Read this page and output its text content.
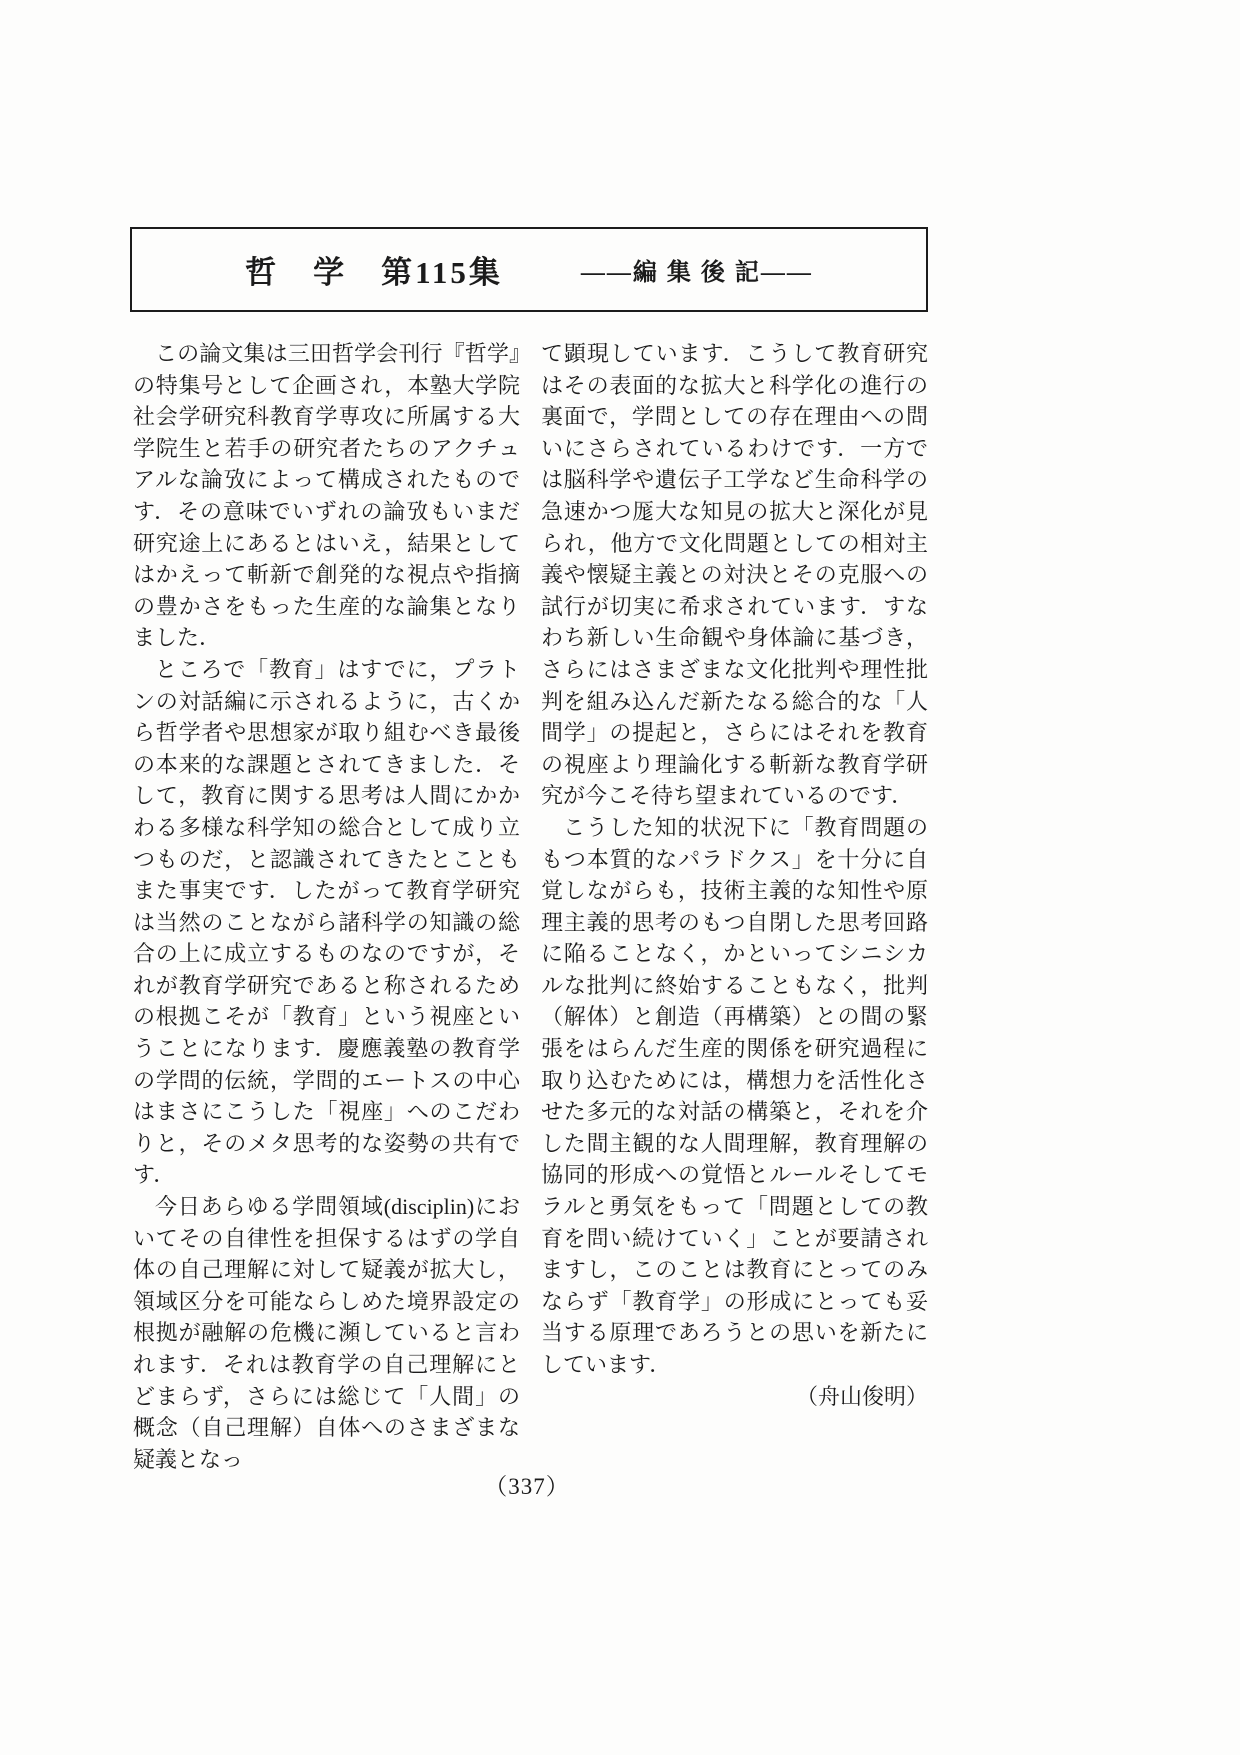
哲　学　第115集	――編 集 後 記――

この論文集は三田哲学会刊行『哲学』の特集号として企画され，本塾大学院社会学研究科教育学専攻に所属する大学院生と若手の研究者たちのアクチュアルな論攷によって構成されたものです．その意味でいずれの論攷もいまだ研究途上にあるとはいえ，結果としてはかえって斬新で創発的な視点や指摘の豊かさをもった生産的な論集となりました．

ところで「教育」はすでに，プラトンの対話編に示されるように，古くから哲学者や思想家が取り組むべき最後の本来的な課題とされてきました．そして，教育に関する思考は人間にかかわる多様な科学知の総合として成り立つものだ，と認識されてきたとこともまた事実です．したがって教育学研究は当然のことながら諸科学の知識の総合の上に成立するものなのですが，それが教育学研究であると称されるための根拠こそが「教育」という視座ということになります．慶應義塾の教育学の学問的伝統，学問的エートスの中心はまさにこうした「視座」へのこだわりと，そのメタ思考的な姿勢の共有です．

今日あらゆる学問領域(disciplin)においてその自律性を担保するはずの学自体の自己理解に対して疑義が拡大し，領域区分を可能ならしめた境界設定の根拠が融解の危機に瀕していると言われます．それは教育学の自己理解にとどまらず，さらには総じて「人間」の概念（自己理解）自体へのさまざまな疑義となっ

て顕現しています．こうして教育研究はその表面的な拡大と科学化の進行の裏面で，学問としての存在理由への問いにさらされているわけです．一方では脳科学や遺伝子工学など生命科学の急速かつ厖大な知見の拡大と深化が見られ，他方で文化問題としての相対主義や懐疑主義との対決とその克服への試行が切実に希求されています．すなわち新しい生命観や身体論に基づき，さらにはさまざまな文化批判や理性批判を組み込んだ新たなる総合的な「人間学」の提起と，さらにはそれを教育の視座より理論化する斬新な教育学研究が今こそ待ち望まれているのです．

こうした知的状況下に「教育問題のもつ本質的なパラドクス」を十分に自覚しながらも，技術主義的な知性や原理主義的思考のもつ自閉した思考回路に陥ることなく，かといってシニシカルな批判に終始することもなく，批判（解体）と創造（再構築）との間の緊張をはらんだ生産的関係を研究過程に取り込むためには，構想力を活性化させた多元的な対話の構築と，それを介した間主観的な人間理解，教育理解の協同的形成への覚悟とルールそしてモラルと勇気をもって「問題としての教育を問い続けていく」ことが要請されますし，このことは教育にとってのみならず「教育学」の形成にとっても妥当する原理であろうとの思いを新たにしています．

（舟山俊明）

（337）
